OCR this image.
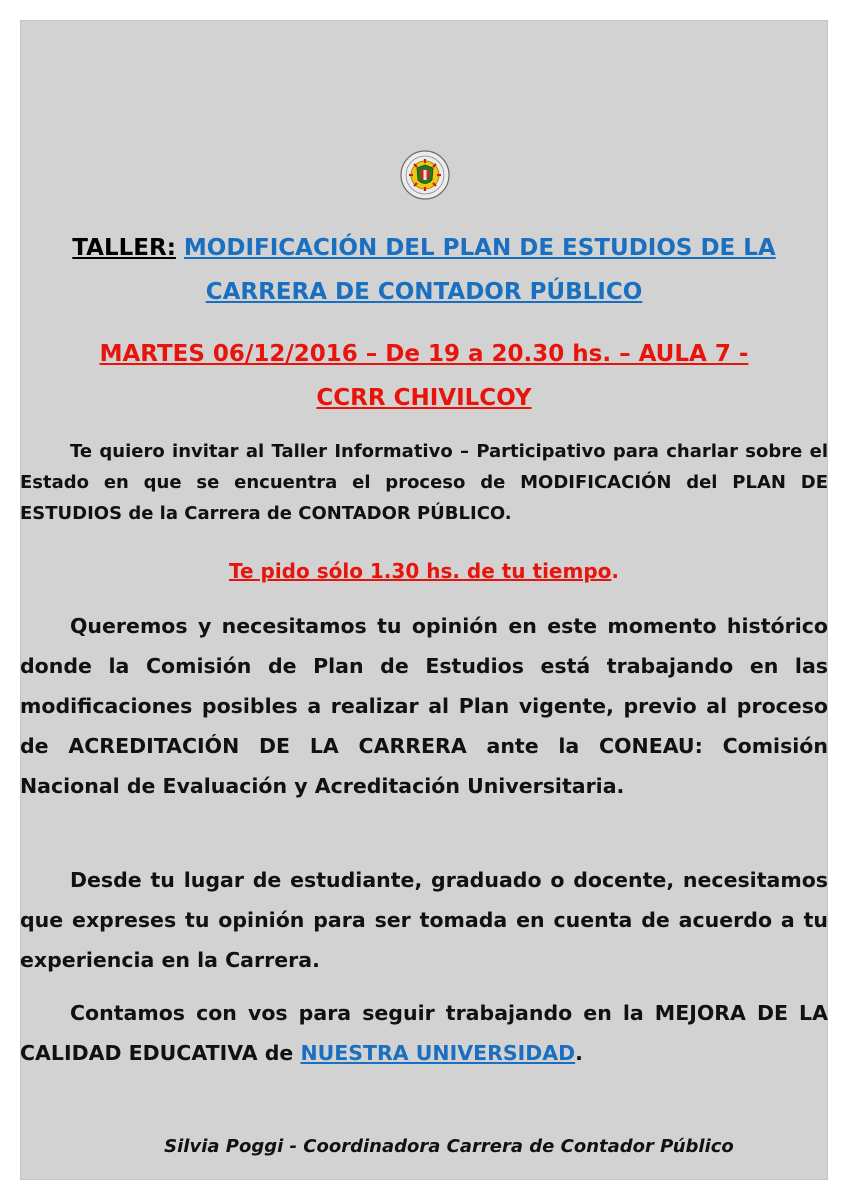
TALLER: MODIFICACIÓN DEL PLAN DE ESTUDIOS DE LA
CARRERA DE CONTADOR PÚBLICO
MARTES 06/12/2016 – De 19 a 20.30 hs. – AULA 7 -
CCRR CHIVILCOY
Te quiero invitar al Taller Informativo – Participativo para charlar sobre el Estado en que se encuentra el proceso de MODIFICACIÓN del PLAN DE ESTUDIOS de la Carrera de CONTADOR PÚBLICO.
Te pido sólo 1.30 hs. de tu tiempo.
Queremos y necesitamos tu opinión en este momento histórico donde la Comisión de Plan de Estudios está trabajando en las modificaciones posibles a realizar al Plan vigente, previo al proceso de ACREDITACIÓN DE LA CARRERA ante la CONEAU: Comisión Nacional de Evaluación y Acreditación Universitaria.
Desde tu lugar de estudiante, graduado o docente, necesitamos que expreses tu opinión para ser tomada en cuenta de acuerdo a tu experiencia en la Carrera.
Contamos con vos para seguir trabajando en la MEJORA DE LA CALIDAD EDUCATIVA de NUESTRA UNIVERSIDAD.
Silvia Poggi - Coordinadora Carrera de Contador Público
